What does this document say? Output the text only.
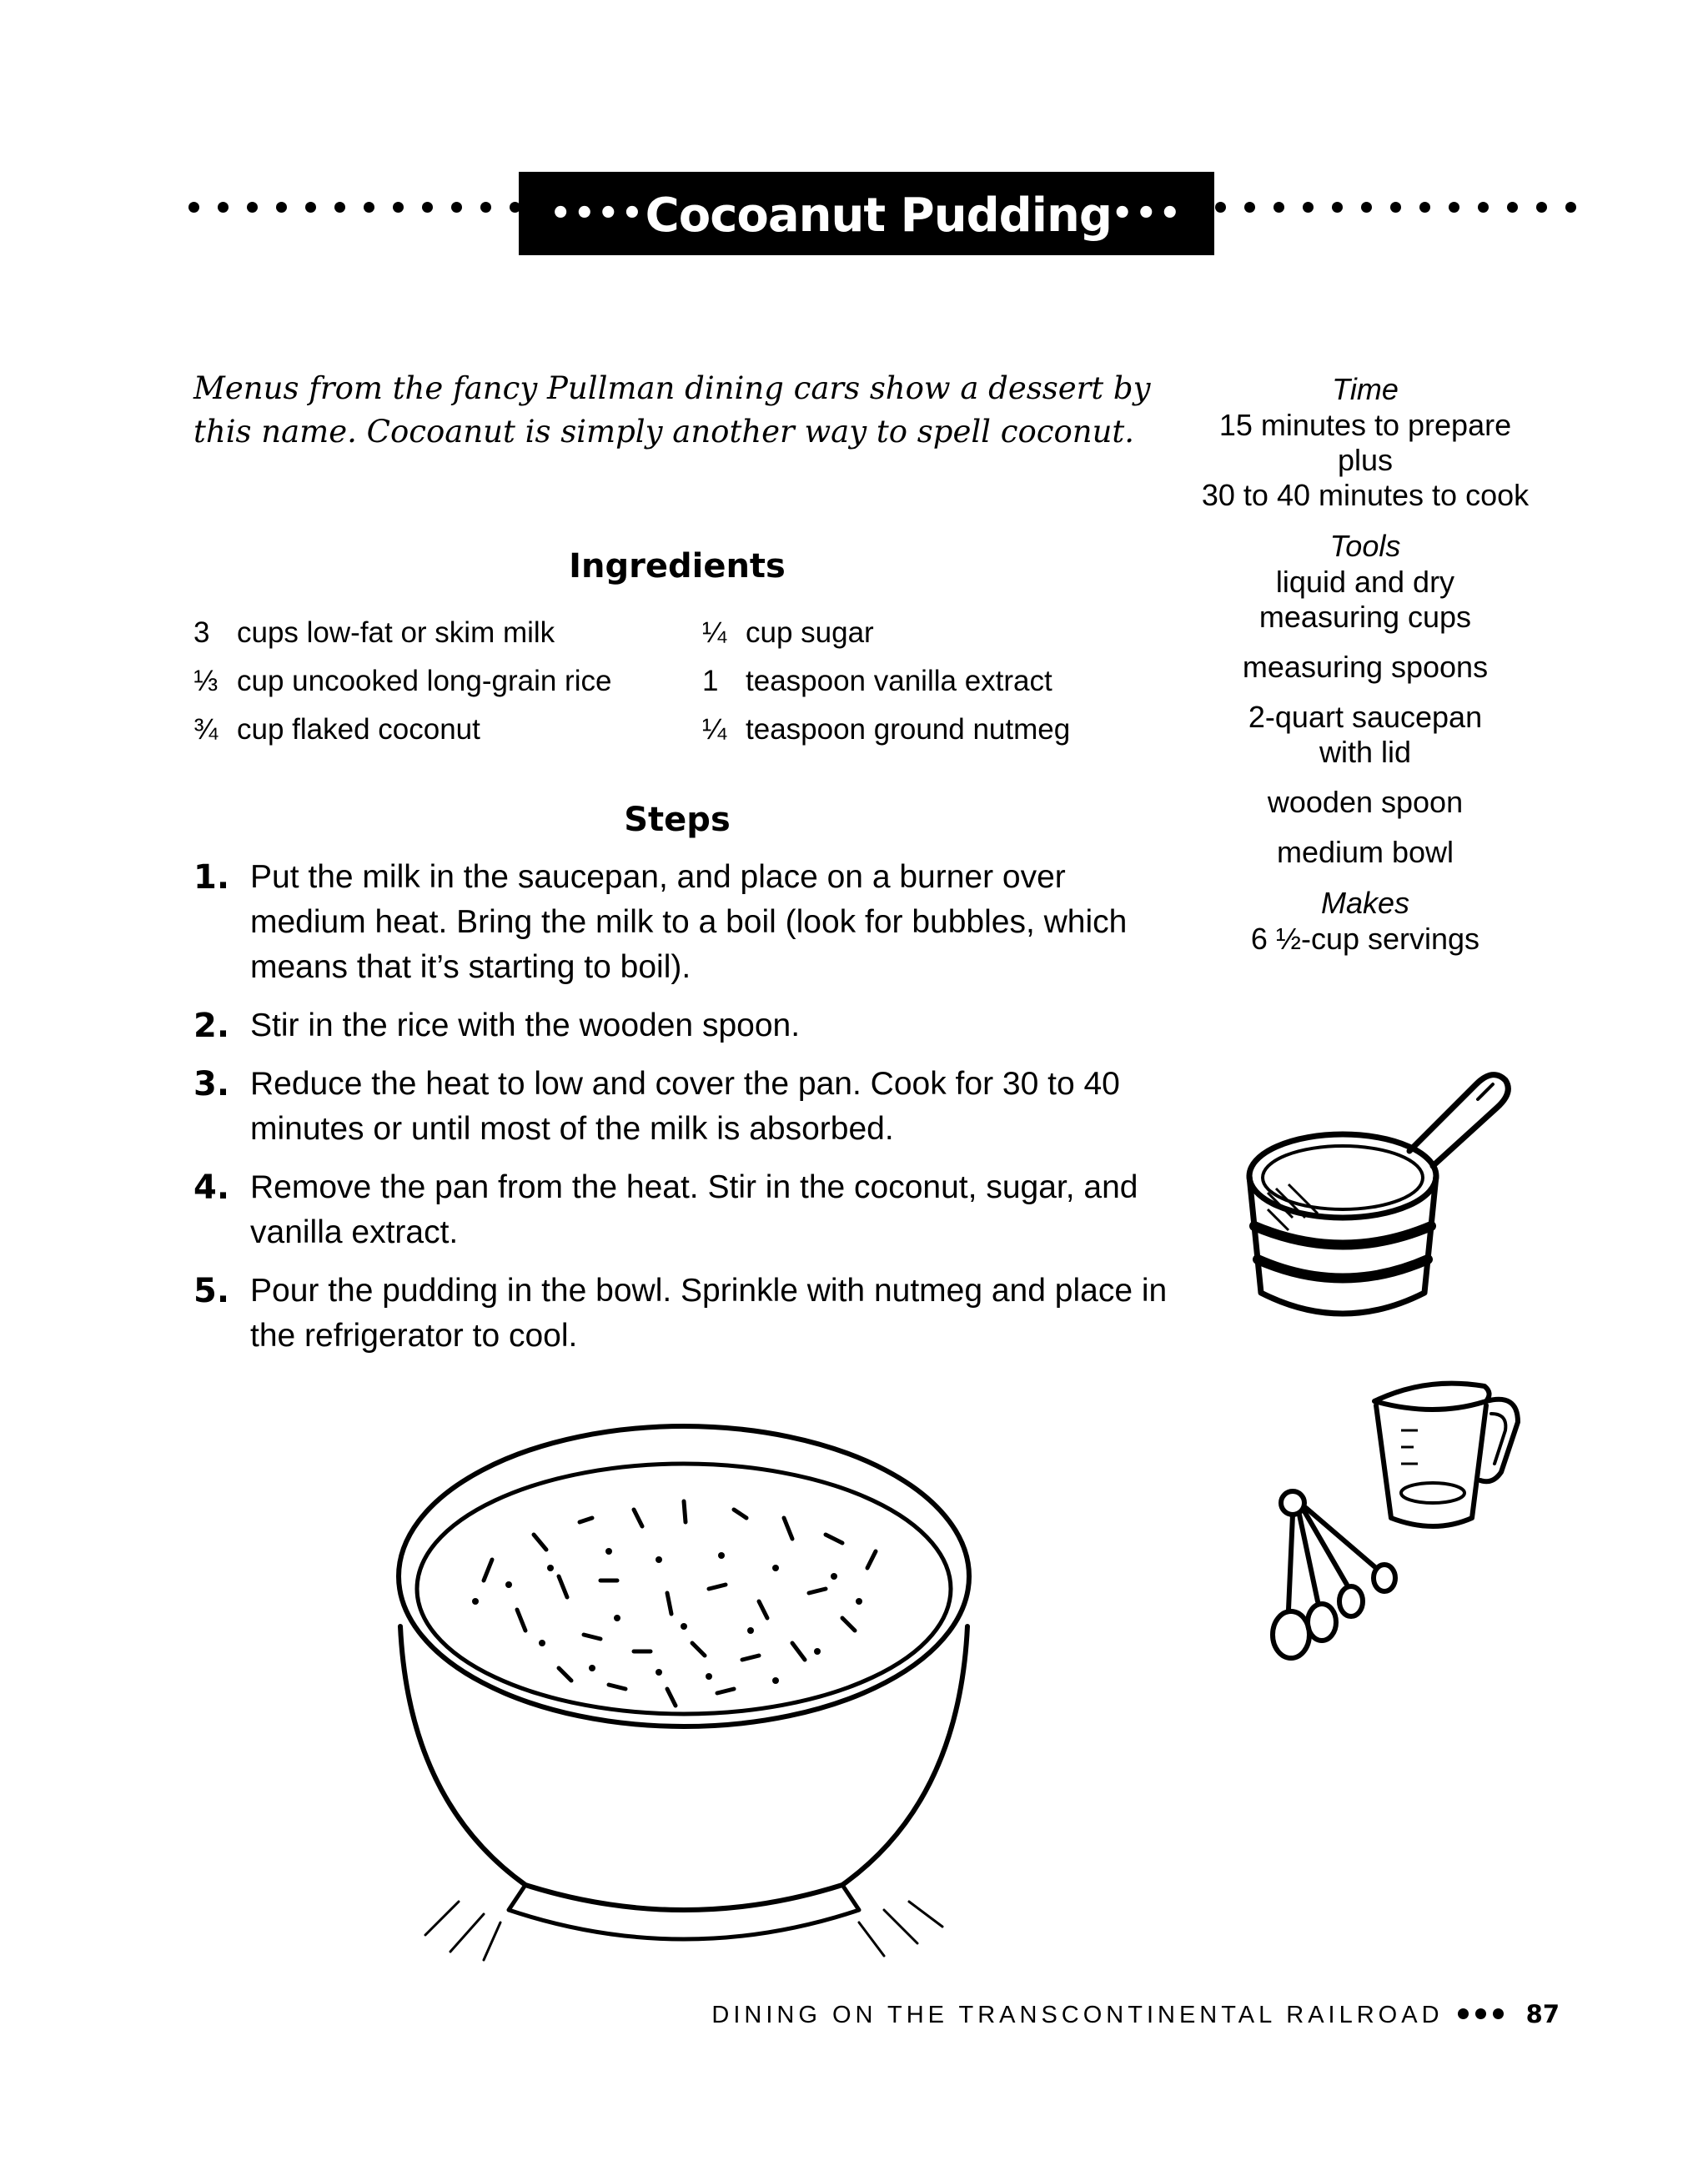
••••Cocoanut Pudding•••
Menus from the fancy Pullman dining cars show a dessert by this name. Cocoanut is simply another way to spell coconut.
Ingredients
3 cups low-fat or skim milk
⅓ cup uncooked long-grain rice
¾ cup flaked coconut
¼ cup sugar
1 teaspoon vanilla extract
¼ teaspoon ground nutmeg
Steps
1. Put the milk in the saucepan, and place on a burner over medium heat. Bring the milk to a boil (look for bubbles, which means that it’s starting to boil).
2. Stir in the rice with the wooden spoon.
3. Reduce the heat to low and cover the pan. Cook for 30 to 40 minutes or until most of the milk is absorbed.
4. Remove the pan from the heat. Stir in the coconut, sugar, and vanilla extract.
5. Pour the pudding in the bowl. Sprinkle with nutmeg and place in the refrigerator to cool.
Time
15 minutes to prepare
plus
30 to 40 minutes to cook
Tools
liquid and dry
measuring cups
measuring spoons
2-quart saucepan
with lid
wooden spoon
medium bowl
Makes
6 ½-cup servings
DINING ON THE TRANSCONTINENTAL RAILROAD	87
